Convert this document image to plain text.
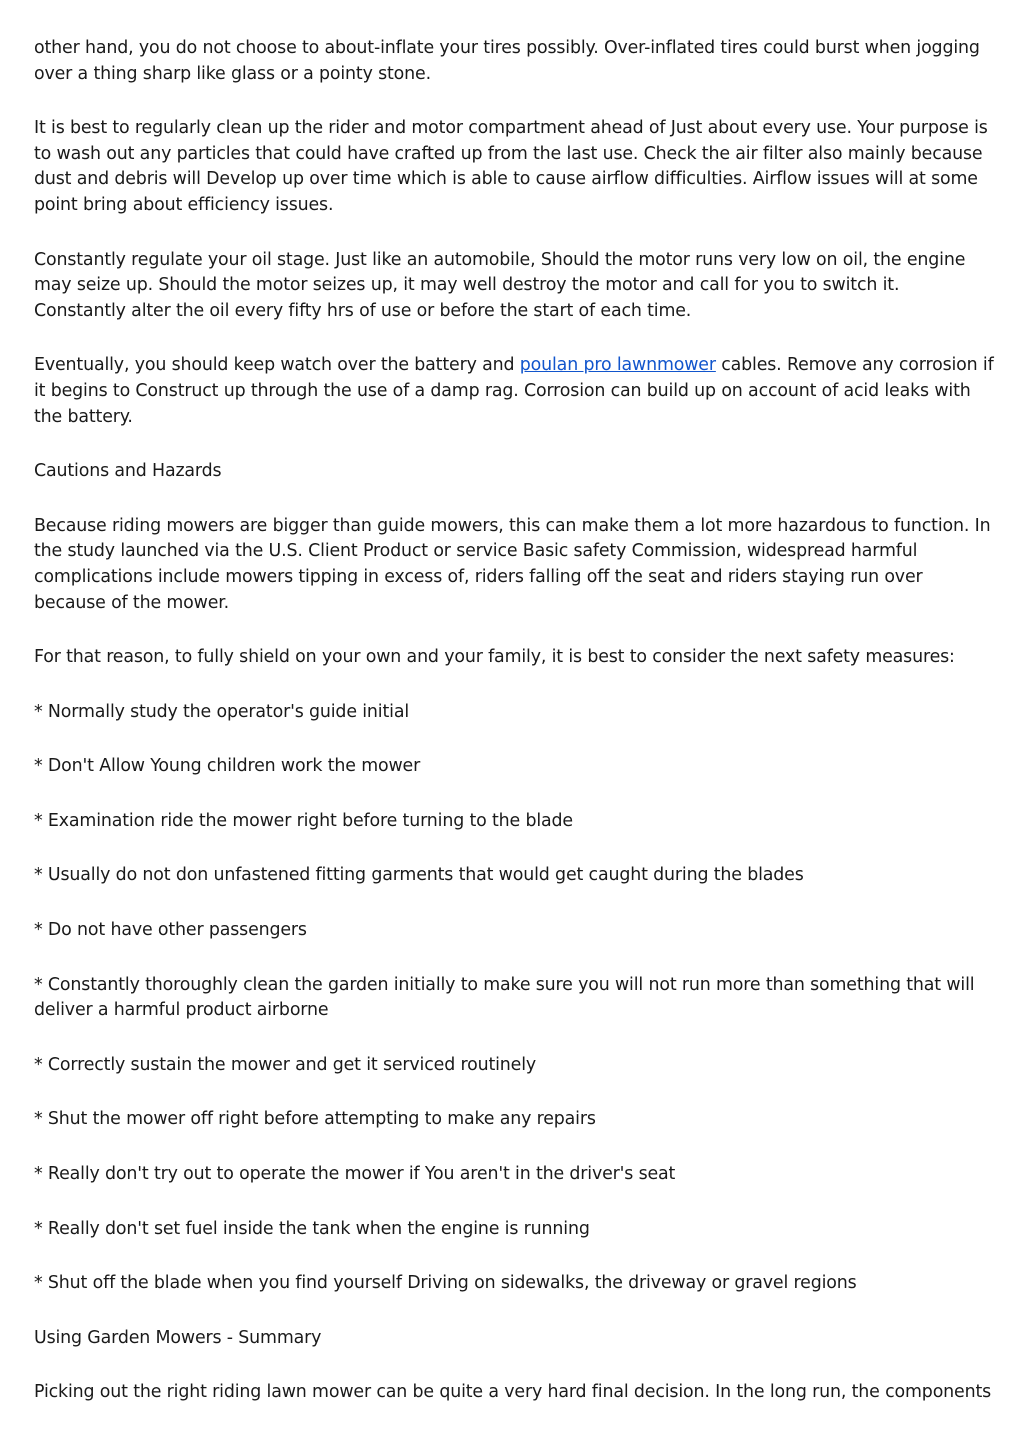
other hand, you do not choose to about-inflate your tires possibly. Over-inflated tires could burst when jogging over a thing sharp like glass or a pointy stone.

It is best to regularly clean up the rider and motor compartment ahead of Just about every use. Your purpose is to wash out any particles that could have crafted up from the last use. Check the air filter also mainly because dust and debris will Develop up over time which is able to cause airflow difficulties. Airflow issues will at some point bring about efficiency issues.

Constantly regulate your oil stage. Just like an automobile, Should the motor runs very low on oil, the engine may seize up. Should the motor seizes up, it may well destroy the motor and call for you to switch it. Constantly alter the oil every fifty hrs of use or before the start of each time.

Eventually, you should keep watch over the battery and poulan pro lawnmower cables. Remove any corrosion if it begins to Construct up through the use of a damp rag. Corrosion can build up on account of acid leaks with the battery.

Cautions and Hazards

Because riding mowers are bigger than guide mowers, this can make them a lot more hazardous to function. In the study launched via the U.S. Client Product or service Basic safety Commission, widespread harmful complications include mowers tipping in excess of, riders falling off the seat and riders staying run over because of the mower.

For that reason, to fully shield on your own and your family, it is best to consider the next safety measures:

* Normally study the operator's guide initial

* Don't Allow Young children work the mower

* Examination ride the mower right before turning to the blade

* Usually do not don unfastened fitting garments that would get caught during the blades

* Do not have other passengers

* Constantly thoroughly clean the garden initially to make sure you will not run more than something that will deliver a harmful product airborne

* Correctly sustain the mower and get it serviced routinely

* Shut the mower off right before attempting to make any repairs

* Really don't try out to operate the mower if You aren't in the driver's seat

* Really don't set fuel inside the tank when the engine is running

* Shut off the blade when you find yourself Driving on sidewalks, the driveway or gravel regions

Using Garden Mowers - Summary

Picking out the right riding lawn mower can be quite a very hard final decision. In the long run, the components
